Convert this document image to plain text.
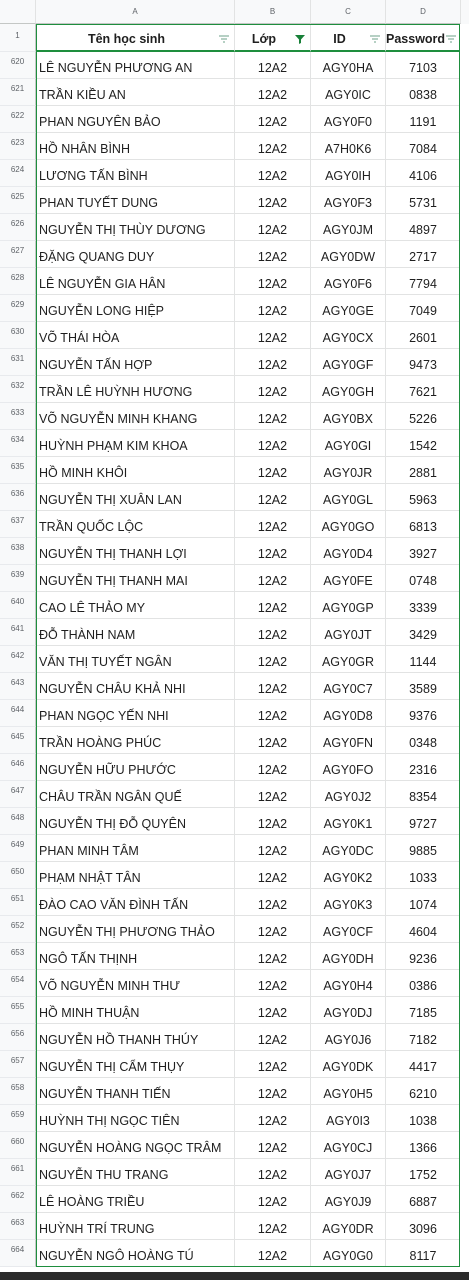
A	B	C	D
1	Tên học sinh	Lớp	ID	Password
620	LÊ NGUYỄN PHƯƠNG AN	12A2	AGY0HA	7103
621	TRẦN KIỀU AN	12A2	AGY0IC	0838
622	PHAN NGUYÊN BẢO	12A2	AGY0F0	1191
623	HỒ NHÂN BÌNH	12A2	A7H0K6	7084
624	LƯƠNG TẤN BÌNH	12A2	AGY0IH	4106
625	PHAN TUYẾT DUNG	12A2	AGY0F3	5731
626	NGUYỄN THỊ THÙY DƯƠNG	12A2	AGY0JM	4897
627	ĐẶNG QUANG DUY	12A2	AGY0DW	2717
628	LÊ NGUYỄN GIA HÂN	12A2	AGY0F6	7794
629	NGUYỄN LONG HIỆP	12A2	AGY0GE	7049
630	VÕ THÁI HÒA	12A2	AGY0CX	2601
631	NGUYỄN TẤN HỢP	12A2	AGY0GF	9473
632	TRẦN LÊ HUỲNH HƯƠNG	12A2	AGY0GH	7621
633	VÕ NGUYỄN MINH KHANG	12A2	AGY0BX	5226
634	HUỲNH PHẠM KIM KHOA	12A2	AGY0GI	1542
635	HỒ MINH KHÔI	12A2	AGY0JR	2881
636	NGUYỄN THỊ XUÂN LAN	12A2	AGY0GL	5963
637	TRẦN QUỐC LỘC	12A2	AGY0GO	6813
638	NGUYỄN THỊ THANH LỢI	12A2	AGY0D4	3927
639	NGUYỄN THỊ THANH MAI	12A2	AGY0FE	0748
640	CAO LÊ THẢO MY	12A2	AGY0GP	3339
641	ĐỖ THÀNH NAM	12A2	AGY0JT	3429
642	VĂN THỊ TUYẾT NGÂN	12A2	AGY0GR	1144
643	NGUYỄN CHÂU KHẢ NHI	12A2	AGY0C7	3589
644	PHAN NGỌC YẾN NHI	12A2	AGY0D8	9376
645	TRẦN HOÀNG PHÚC	12A2	AGY0FN	0348
646	NGUYỄN HỮU PHƯỚC	12A2	AGY0FO	2316
647	CHÂU TRẦN NGÂN QUẾ	12A2	AGY0J2	8354
648	NGUYỄN THỊ ĐỖ QUYÊN	12A2	AGY0K1	9727
649	PHAN MINH TÂM	12A2	AGY0DC	9885
650	PHẠM NHẬT TÂN	12A2	AGY0K2	1033
651	ĐÀO CAO VĂN ĐÌNH TẤN	12A2	AGY0K3	1074
652	NGUYỄN THỊ PHƯƠNG THẢO	12A2	AGY0CF	4604
653	NGÔ TẤN THỊNH	12A2	AGY0DH	9236
654	VÕ NGUYỄN MINH THƯ	12A2	AGY0H4	0386
655	HỒ MINH THUẬN	12A2	AGY0DJ	7185
656	NGUYỄN HỒ THANH THÚY	12A2	AGY0J6	7182
657	NGUYỄN THỊ CẨM THỤY	12A2	AGY0DK	4417
658	NGUYỄN THANH TIẾN	12A2	AGY0H5	6210
659	HUỲNH THỊ NGỌC TIÊN	12A2	AGY0I3	1038
660	NGUYỄN HOÀNG NGỌC TRÂM	12A2	AGY0CJ	1366
661	NGUYỄN THU TRANG	12A2	AGY0J7	1752
662	LÊ HOÀNG TRIỀU	12A2	AGY0J9	6887
663	HUỲNH TRÍ TRUNG	12A2	AGY0DR	3096
664	NGUYỄN NGÔ HOÀNG TÚ	12A2	AGY0G0	8117
